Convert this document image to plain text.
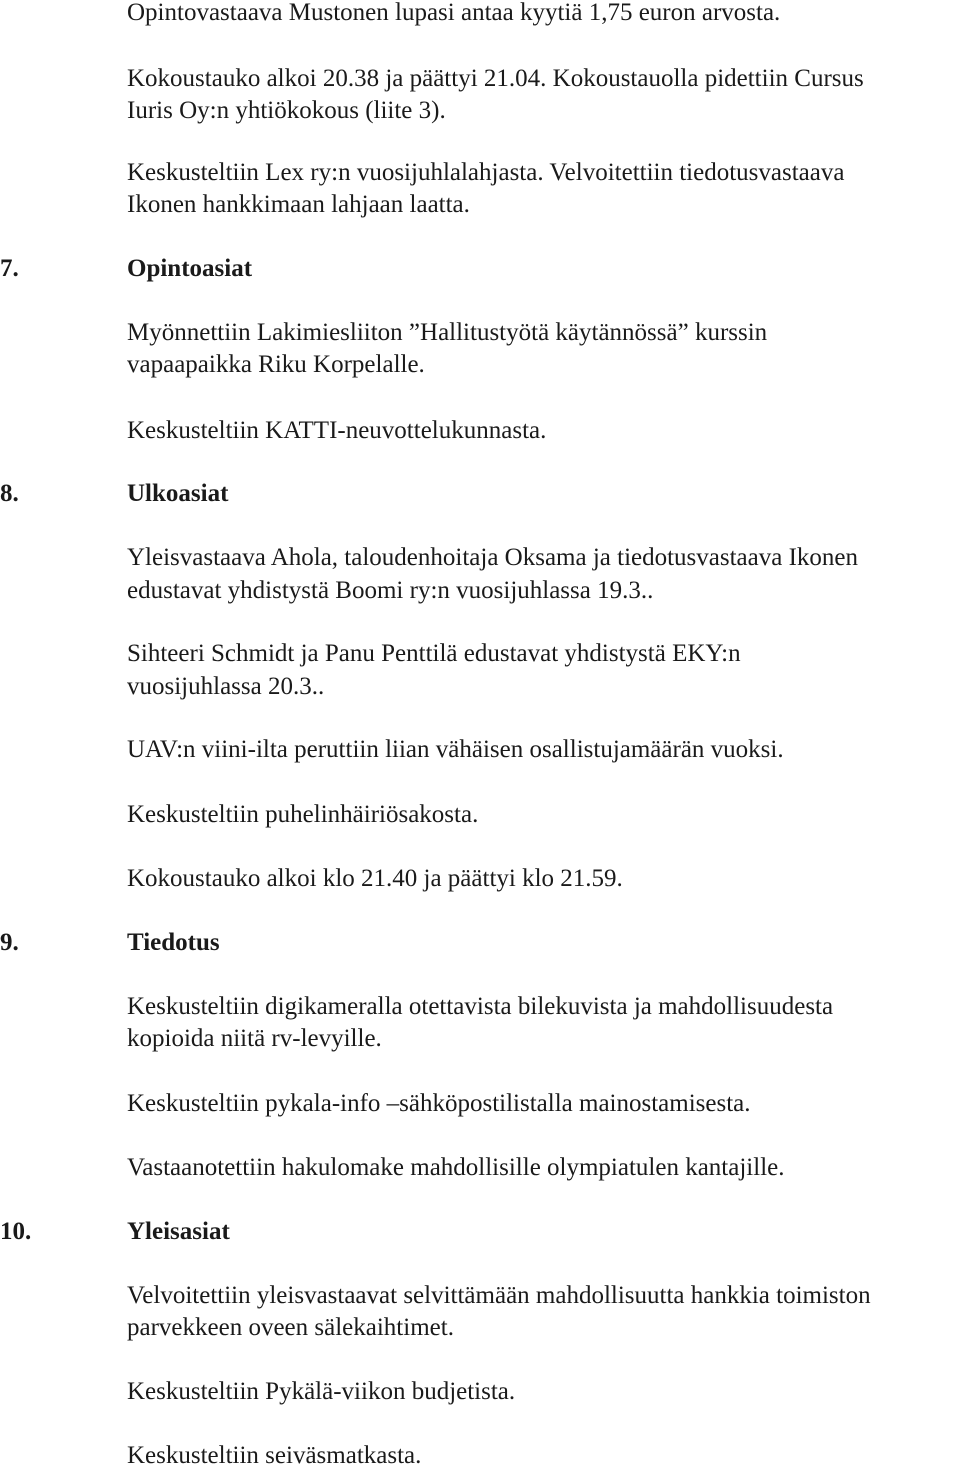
Opintovastaava Mustonen lupasi antaa kyytiä 1,75 euron arvosta.
Kokoustauko alkoi 20.38 ja päättyi 21.04. Kokoustauolla pidettiin Cursus
Iuris Oy:n yhtiökokous (liite 3).
Keskusteltiin Lex ry:n vuosijuhlalahjasta. Velvoitettiin tiedotusvastaava
Ikonen hankkimaan lahjaan laatta.
7.	Opintoasiat
Myönnettiin Lakimiesliiton ”Hallitustyötä käytännössä” kurssin
vapaapaikka Riku Korpelalle.
Keskusteltiin KATTI-neuvottelukunnasta.
8.	Ulkoasiat
Yleisvastaava Ahola, taloudenhoitaja Oksama ja tiedotusvastaava Ikonen
edustavat yhdistystä Boomi ry:n vuosijuhlassa 19.3..
Sihteeri Schmidt ja Panu Penttilä edustavat yhdistystä EKY:n
vuosijuhlassa 20.3..
UAV:n viini-ilta peruttiin liian vähäisen osallistujamäärän vuoksi.
Keskusteltiin puhelinhäiriösakosta.
Kokoustauko alkoi klo 21.40 ja päättyi klo 21.59.
9.	Tiedotus
Keskusteltiin digikameralla otettavista bilekuvista ja mahdollisuudesta
kopioida niitä rv-levyille.
Keskusteltiin pykala-info –sähköpostilistalla mainostamisesta.
Vastaanotettiin hakulomake mahdollisille olympiatulen kantajille.
10.	Yleisasiat
Velvoitettiin yleisvastaavat selvittämään mahdollisuutta hankkia toimiston
parvekkeen oveen sälekaihtimet.
Keskusteltiin Pykälä-viikon budjetista.
Keskusteltiin seiväsmatkasta.
